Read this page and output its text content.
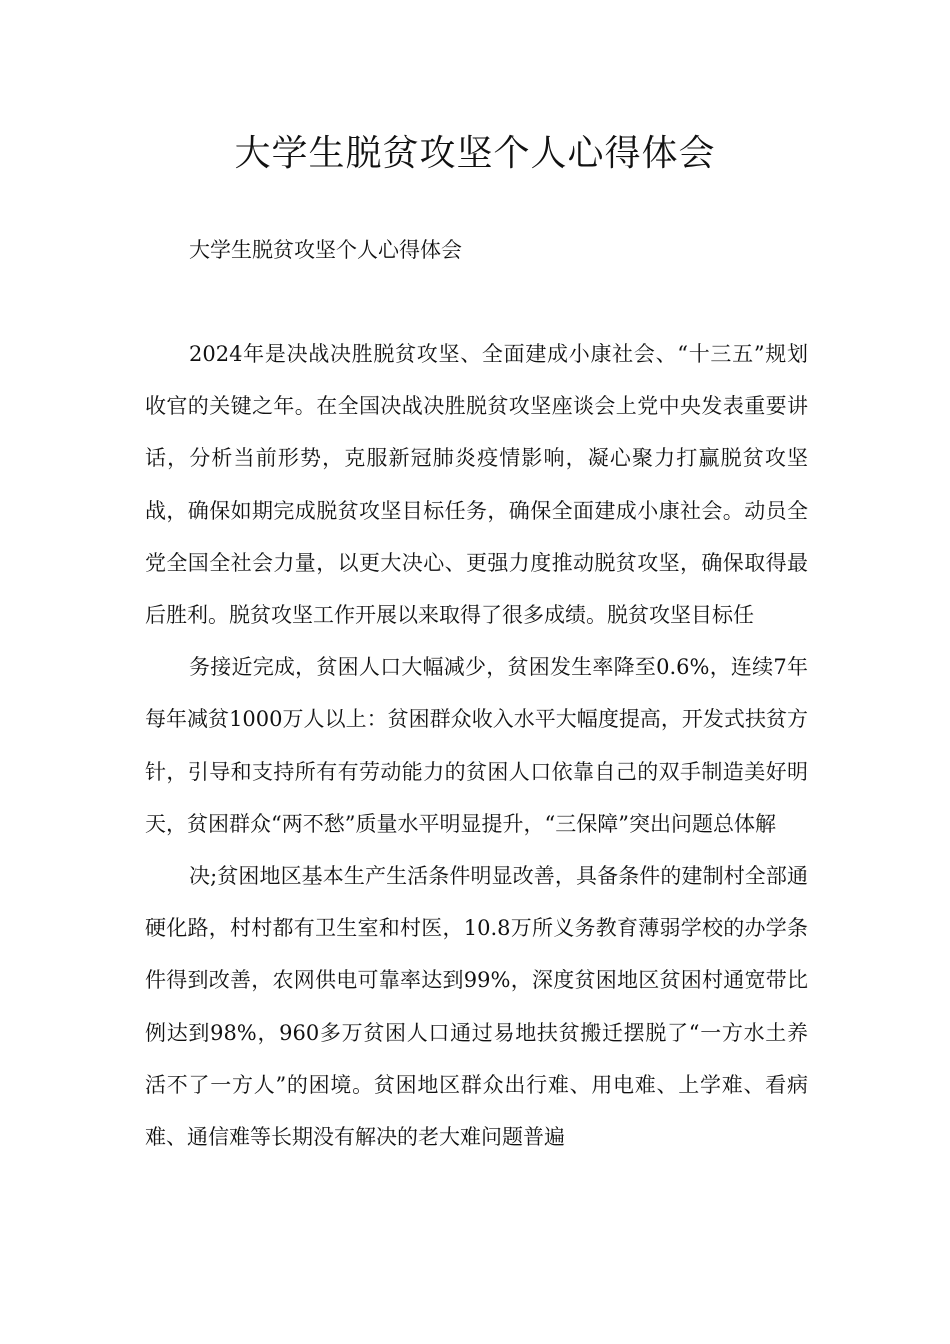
大学生脱贫攻坚个人心得体会

大学生脱贫攻坚个人心得体会

2024年是决战决胜脱贫攻坚、全面建成小康社会、“十三五”规划收官的关键之年。在全国决战决胜脱贫攻坚座谈会上党中央发表重要讲话，分析当前形势，克服新冠肺炎疫情影响，凝心聚力打赢脱贫攻坚战，确保如期完成脱贫攻坚目标任务，确保全面建成小康社会。动员全党全国全社会力量，以更大决心、更强力度推动脱贫攻坚，确保取得最后胜利。脱贫攻坚工作开展以来取得了很多成绩。脱贫攻坚目标任

务接近完成，贫困人口大幅减少，贫困发生率降至0.6%，连续7年每年减贫1000万人以上：贫困群众收入水平大幅度提高，开发式扶贫方针，引导和支持所有有劳动能力的贫困人口依靠自己的双手制造美好明天，贫困群众“两不愁”质量水平明显提升，“三保障”突出问题总体解

决;贫困地区基本生产生活条件明显改善，具备条件的建制村全部通硬化路，村村都有卫生室和村医，10.8万所义务教育薄弱学校的办学条件得到改善，农网供电可靠率达到99%，深度贫困地区贫困村通宽带比例达到98%，960多万贫困人口通过易地扶贫搬迁摆脱了“一方水土养活不了一方人”的困境。贫困地区群众出行难、用电难、上学难、看病难、通信难等长期没有解决的老大难问题普遍
